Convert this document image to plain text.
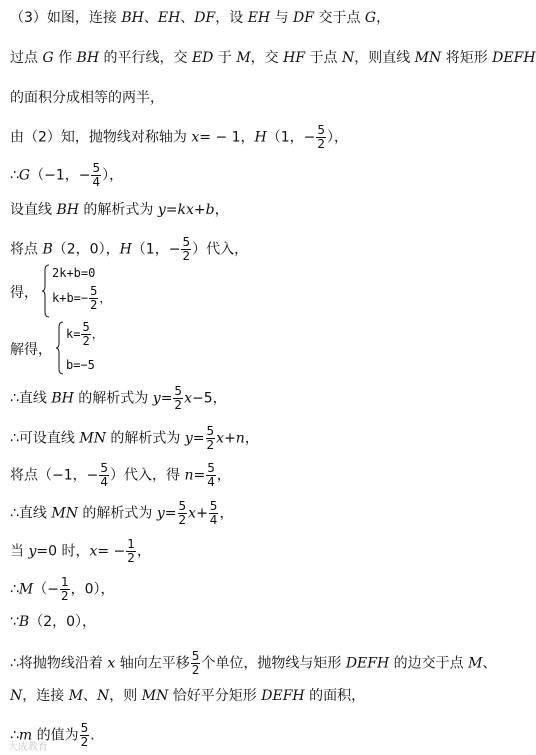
（3）如图，连接 BH、EH、DF，设 EH 与 DF 交于点 G，
过点 G 作 BH 的平行线，交 ED 于 M，交 HF 于点 N，则直线 MN 将矩形 DEFH
的面积分成相等的两半，
由（2）知，抛物线对称轴为 x= − 1，H（1，− $\frac{5}{2}$ ），
∴G（−1，− $\frac{5}{4}$ ），
设直线 BH 的解析式为 y=kx+b，
将点 B（2，0），H（1，− $\frac{5}{2}$ ）代入，
得，
2k+b=0
$k+b=- \frac{5}{2}$ ，
解得，
$k= \frac{5}{2}$ ，
b=−5
∴直线 BH 的解析式为 $y= \frac{5}{2} x-5$，
∴可设直线 MN 的解析式为 $y= \frac{5}{2} x+n$，
将点（−1，− $\frac{5}{4}$ ）代入，得 $n= \frac{5}{4}$ ，
∴直线 MN 的解析式为 $y= \frac{5}{2} x+ \frac{5}{4}$ ，
当 y=0 时，$x= - \frac{1}{2}$ ，
∴M（− $\frac{1}{2}$ ，0），
∵B（2，0），
∴将抛物线沿着 x 轴向左平移 $\frac{5}{2}$ 个单位，抛物线与矩形 DEFH 的边交于点 M、
N，连接 M、N，则 MN 恰好平分矩形 DEFH 的面积，
∴m 的值为 $\frac{5}{2}$ .
大成教育
